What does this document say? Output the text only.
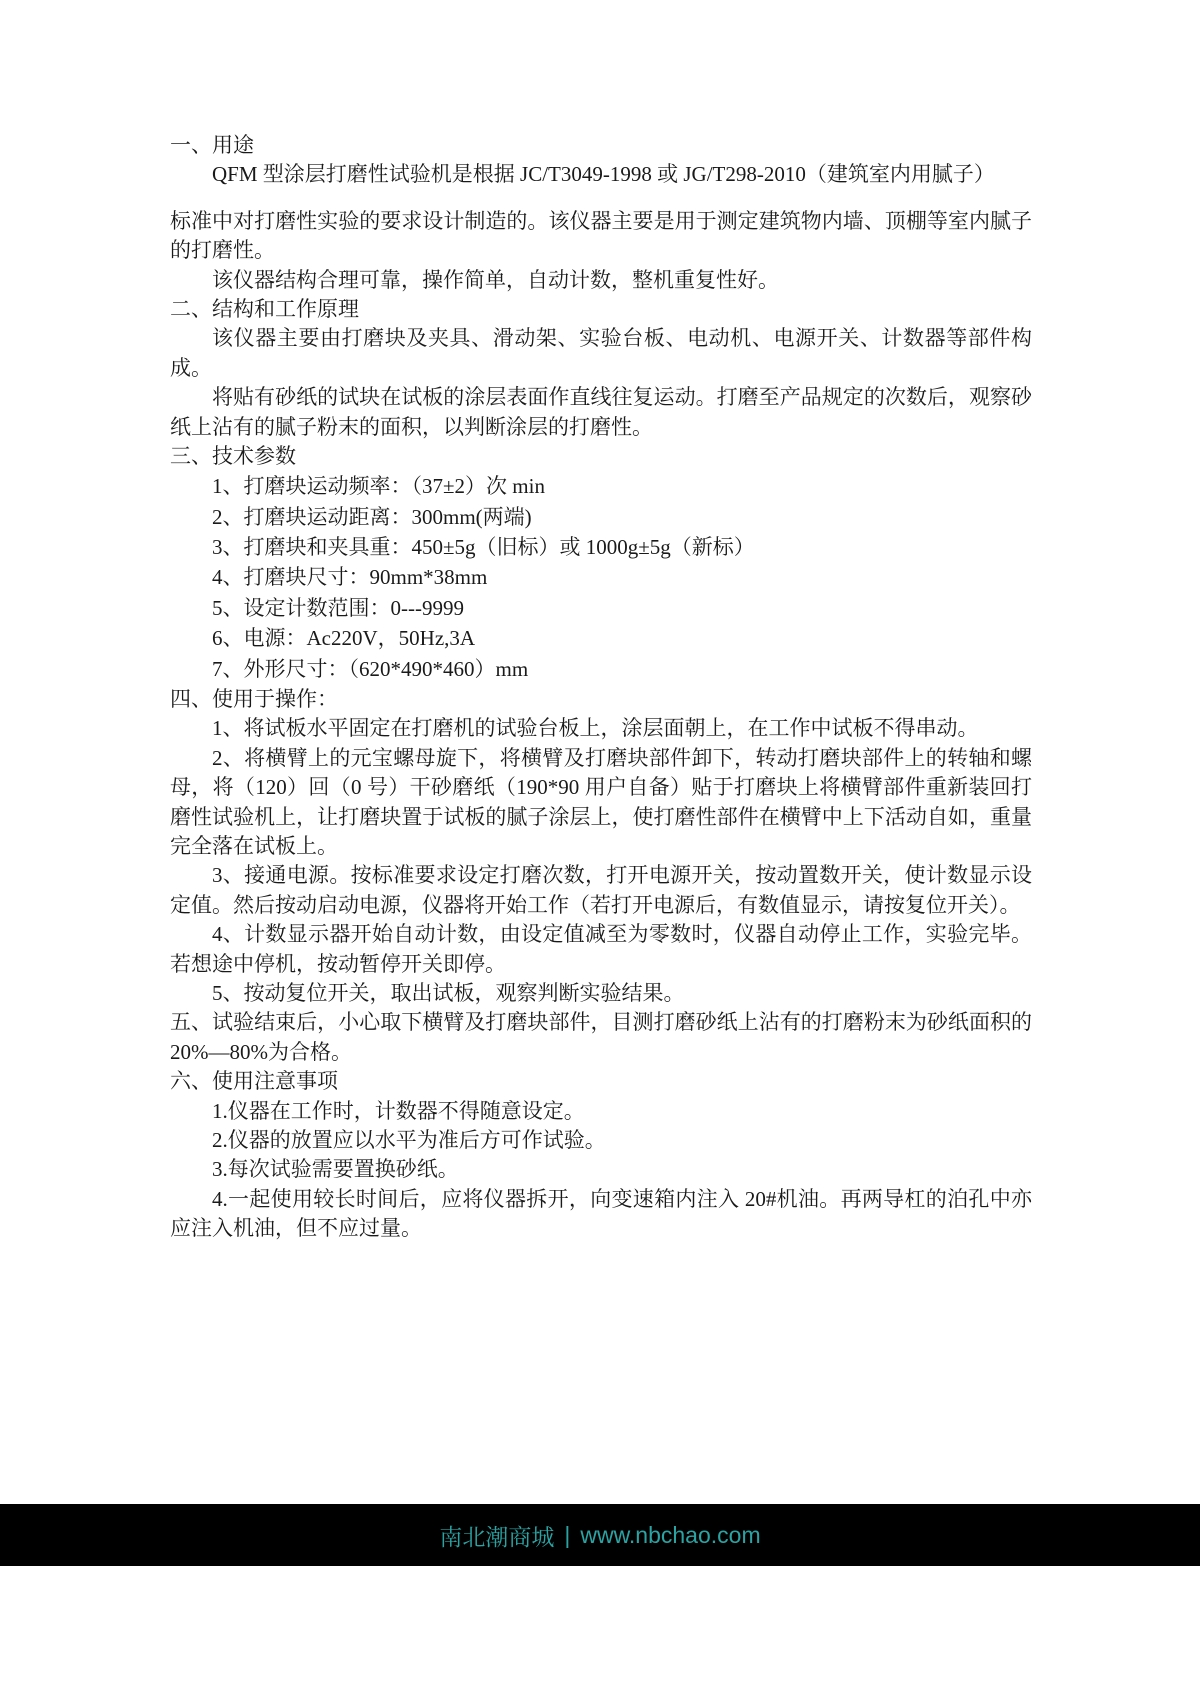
一、用途

QFM 型涂层打磨性试验机是根据 JC/T3049-1998 或 JG/T298-2010（建筑室内用腻子）

标准中对打磨性实验的要求设计制造的。该仪器主要是用于测定建筑物内墙、顶棚等室内腻子的打磨性。

该仪器结构合理可靠，操作简单，自动计数，整机重复性好。

二、结构和工作原理

该仪器主要由打磨块及夹具、滑动架、实验台板、电动机、电源开关、计数器等部件构成。

将贴有砂纸的试块在试板的涂层表面作直线往复运动。打磨至产品规定的次数后，观察砂纸上沾有的腻子粉末的面积，以判断涂层的打磨性。

三、技术参数

1、打磨块运动频率：（37±2）次 min

2、打磨块运动距离：300mm(两端)

3、打磨块和夹具重：450±5g（旧标）或 1000g±5g（新标）

4、打磨块尺寸：90mm*38mm

5、设定计数范围：0---9999

6、电源：Ac220V，50Hz,3A

7、外形尺寸：（620*490*460）mm

四、使用于操作：

1、将试板水平固定在打磨机的试验台板上，涂层面朝上，在工作中试板不得串动。

2、将横臂上的元宝螺母旋下，将横臂及打磨块部件卸下，转动打磨块部件上的转轴和螺母，将（120）回（0 号）干砂磨纸（190*90 用户自备）贴于打磨块上将横臂部件重新装回打磨性试验机上，让打磨块置于试板的腻子涂层上，使打磨性部件在横臂中上下活动自如，重量完全落在试板上。

3、接通电源。按标准要求设定打磨次数，打开电源开关，按动置数开关，使计数显示设定值。然后按动启动电源，仪器将开始工作（若打开电源后，有数值显示，请按复位开关）。

4、计数显示器开始自动计数，由设定值减至为零数时，仪器自动停止工作，实验完毕。若想途中停机，按动暂停开关即停。

5、按动复位开关，取出试板，观察判断实验结果。

五、试验结束后，小心取下横臂及打磨块部件，目测打磨砂纸上沾有的打磨粉末为砂纸面积的 20%—80%为合格。

六、使用注意事项

1.仪器在工作时，计数器不得随意设定。

2.仪器的放置应以水平为准后方可作试验。

3.每次试验需要置换砂纸。

4.一起使用较长时间后，应将仪器拆开，向变速箱内注入 20#机油。再两导杠的泊孔中亦应注入机油，但不应过量。

南北潮商城 | www.nbchao.com
